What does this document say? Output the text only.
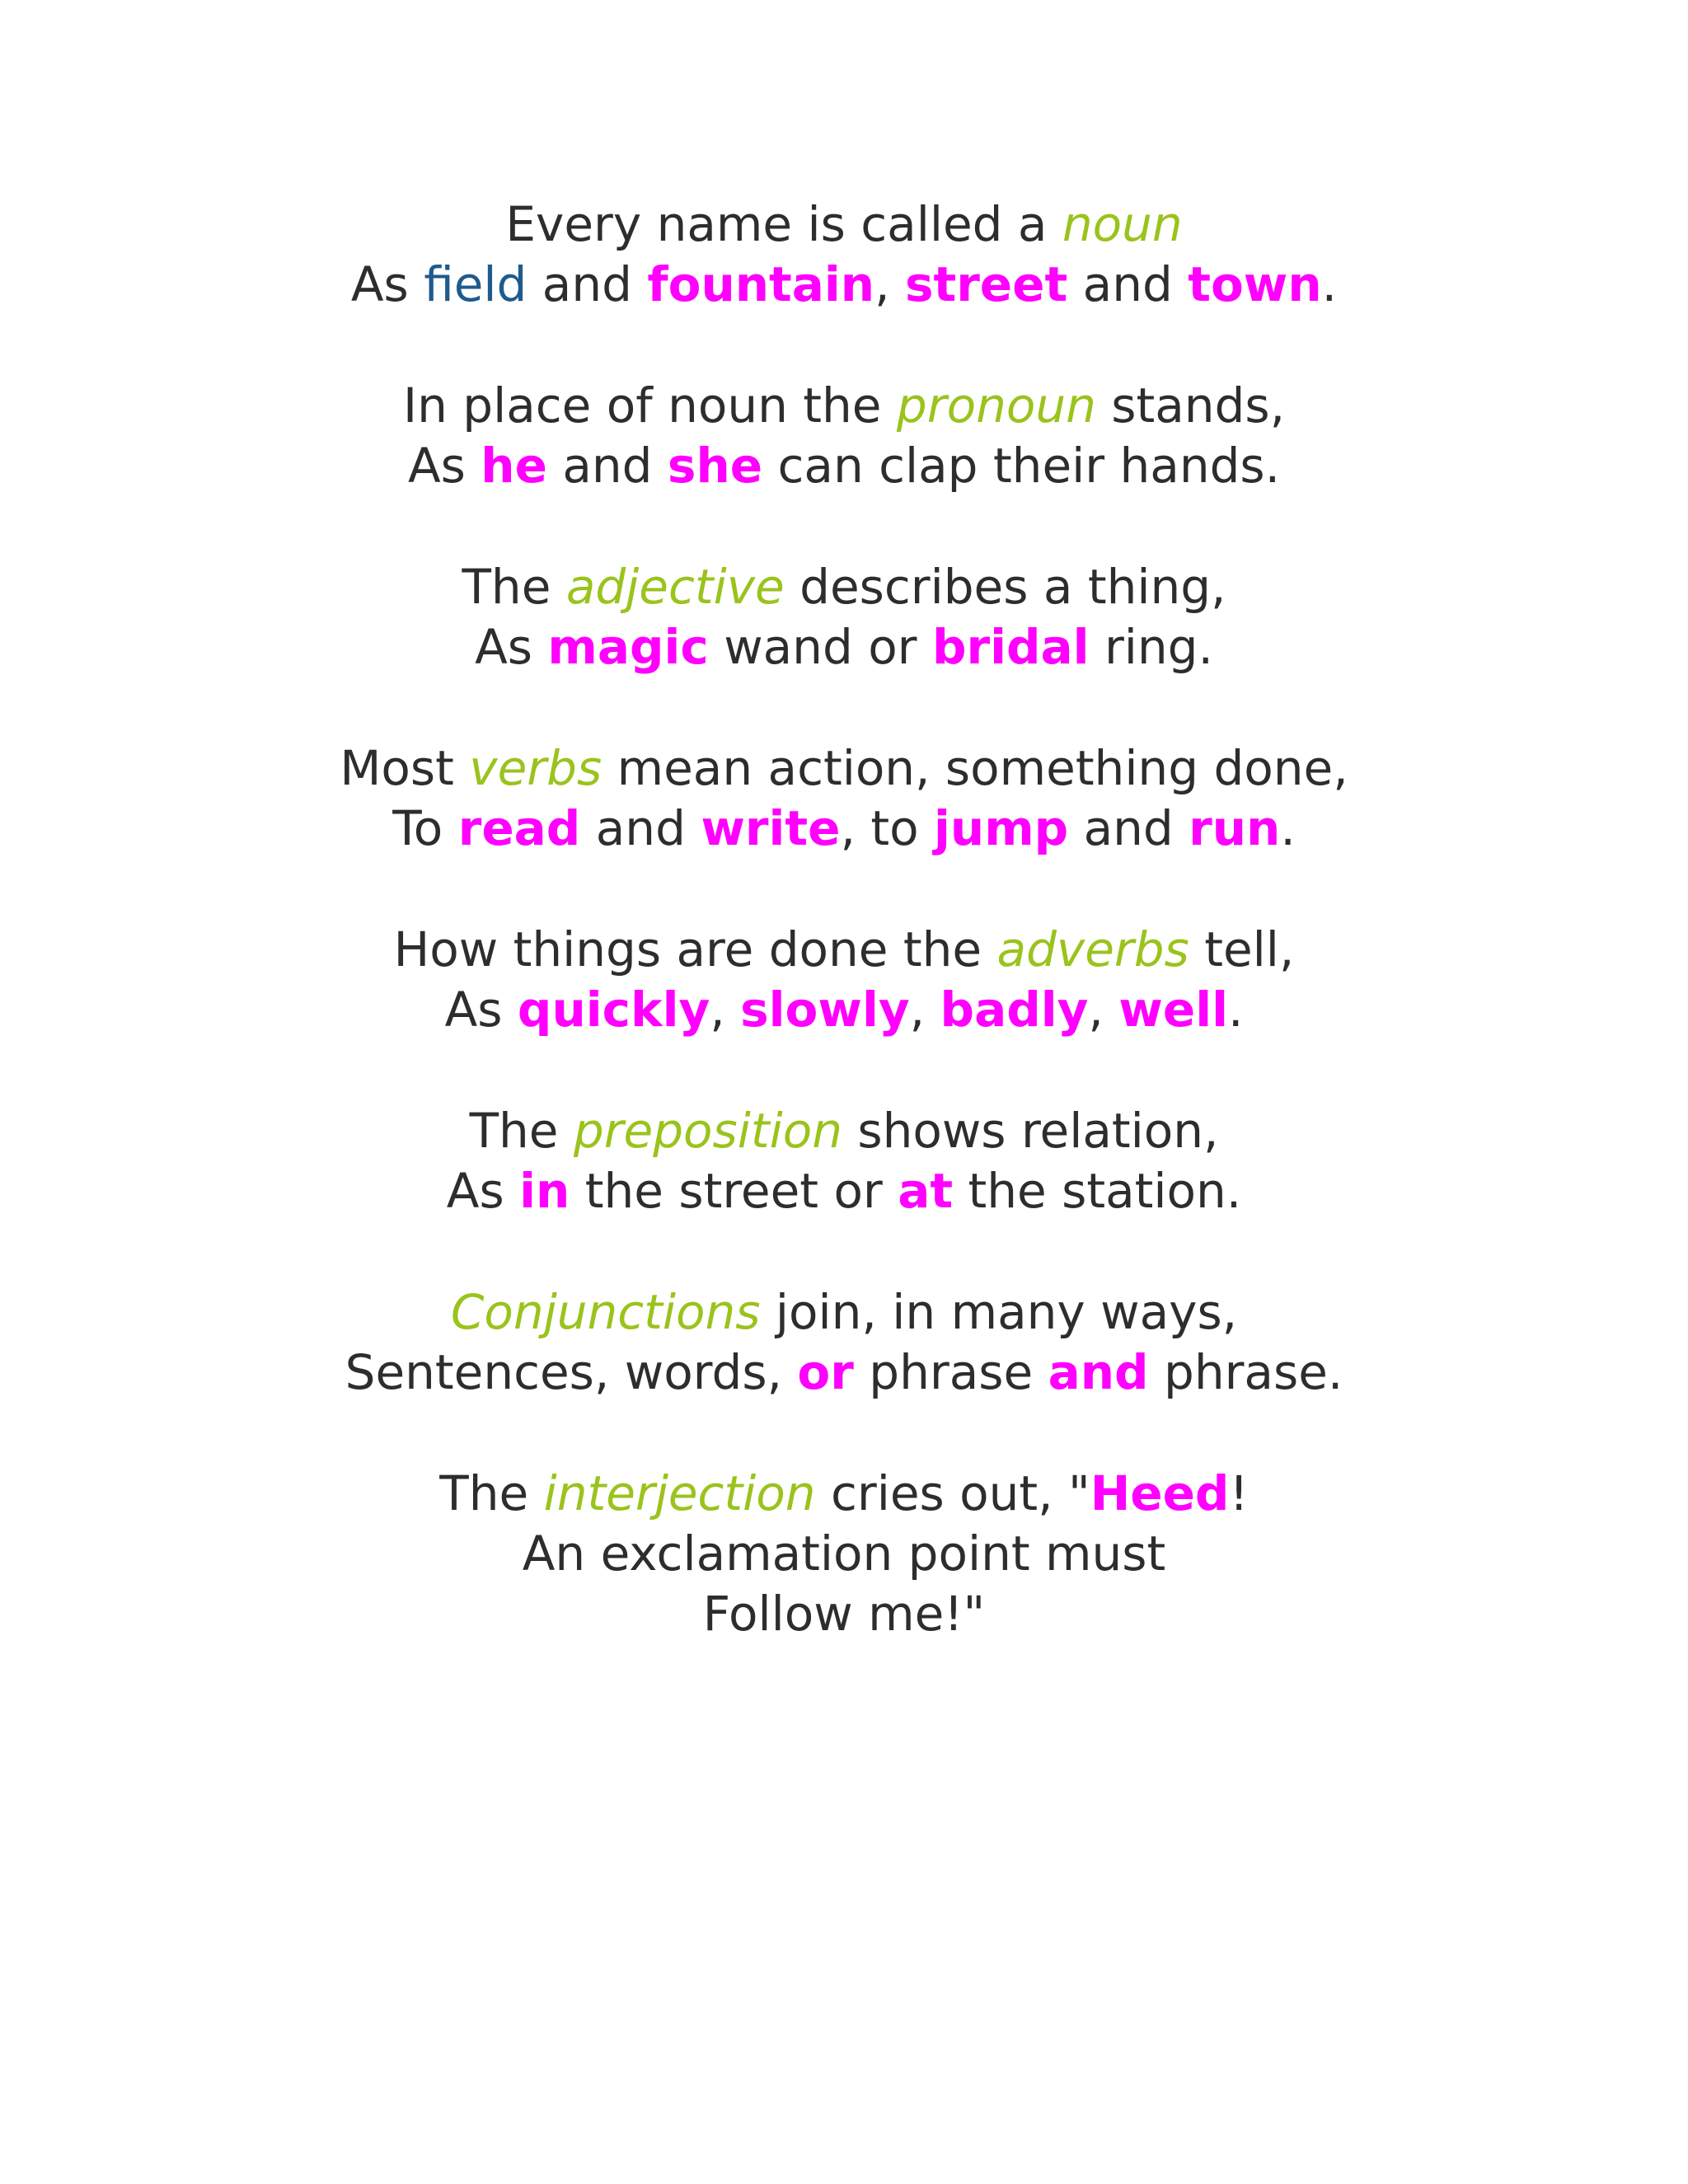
Every name is called a noun
As field and fountain, street and town.
In place of noun the pronoun stands,
As he and she can clap their hands.
The adjective describes a thing,
As magic wand or bridal ring.
Most verbs mean action, something done,
To read and write, to jump and run.
How things are done the adverbs tell,
As quickly, slowly, badly, well.
The preposition shows relation,
As in the street or at the station.
Conjunctions join, in many ways,
Sentences, words, or phrase and phrase.
The interjection cries out, "Heed!
An exclamation point must
Follow me!"
